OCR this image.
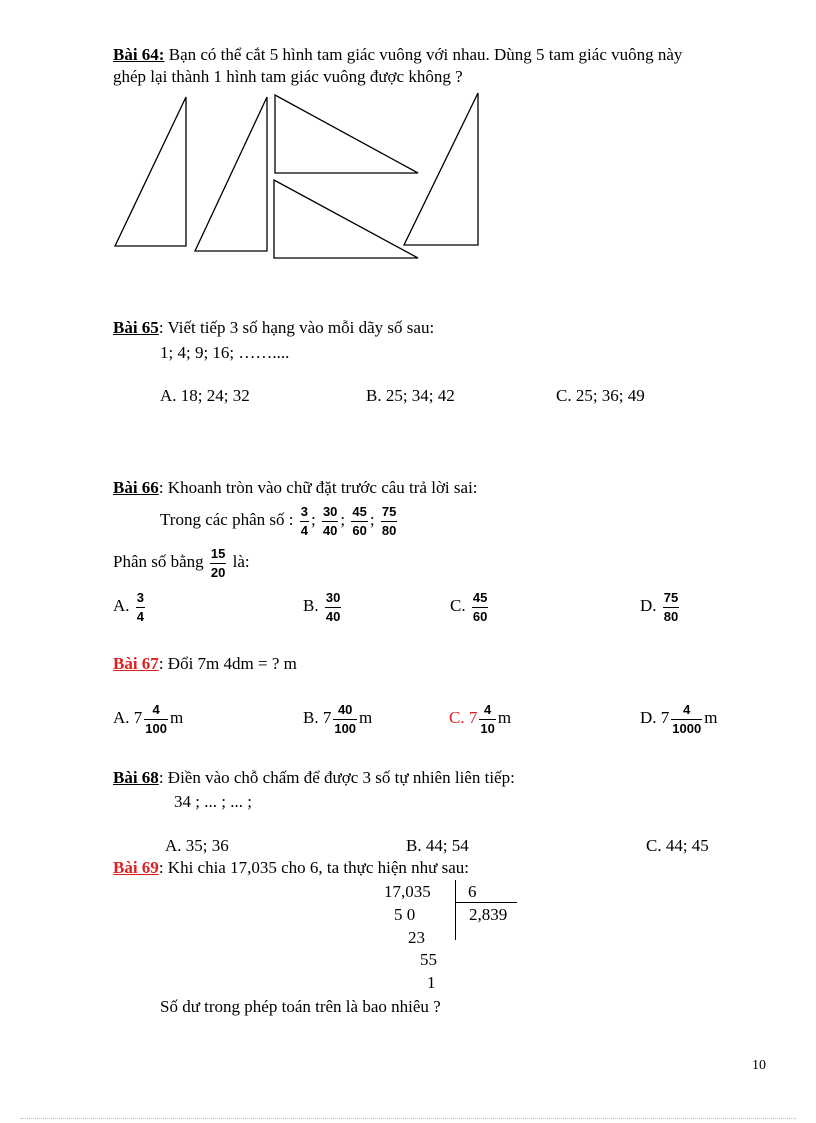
Bài 64: Bạn có thể cắt 5 hình tam giác vuông với nhau. Dùng 5 tam giác vuông này
ghép lại thành 1 hình tam giác vuông được không ?
Bài 65: Viết tiếp 3 số hạng vào mỗi dãy số sau:
1; 4; 9; 16; ……....
A. 18; 24; 32	B. 25; 34; 42	C. 25; 36; 49
Bài 66: Khoanh tròn vào chữ đặt trước câu trả lời sai:
Trong các phân số : $\frac{3}{4}$ ; $\frac{30}{40}$ ; $\frac{45}{60}$ ; $\frac{75}{80}$
Phân số bằng $\frac{15}{20}$ là:
A. $\frac{3}{4}$	B. $\frac{30}{40}$	C. $\frac{45}{60}$	D. $\frac{75}{80}$
Bài 67: Đổi 7m 4dm = ? m
A. $7 \frac{4}{100}$ m	B. $7 \frac{40}{100}$ m	C. $7 \frac{4}{10}$ m	D. $7 \frac{4}{1000}$ m
Bài 68: Điền vào chỗ chấm để được 3 số tự nhiên liên tiếp:
34 ; ... ; ... ;
A. 35; 36	B. 44; 54	C. 44; 45
Bài 69: Khi chia 17,035 cho 6, ta thực hiện như sau:
17,035 6
2,839
5 0
23
55
1
Số dư trong phép toán trên là bao nhiêu ?
10
